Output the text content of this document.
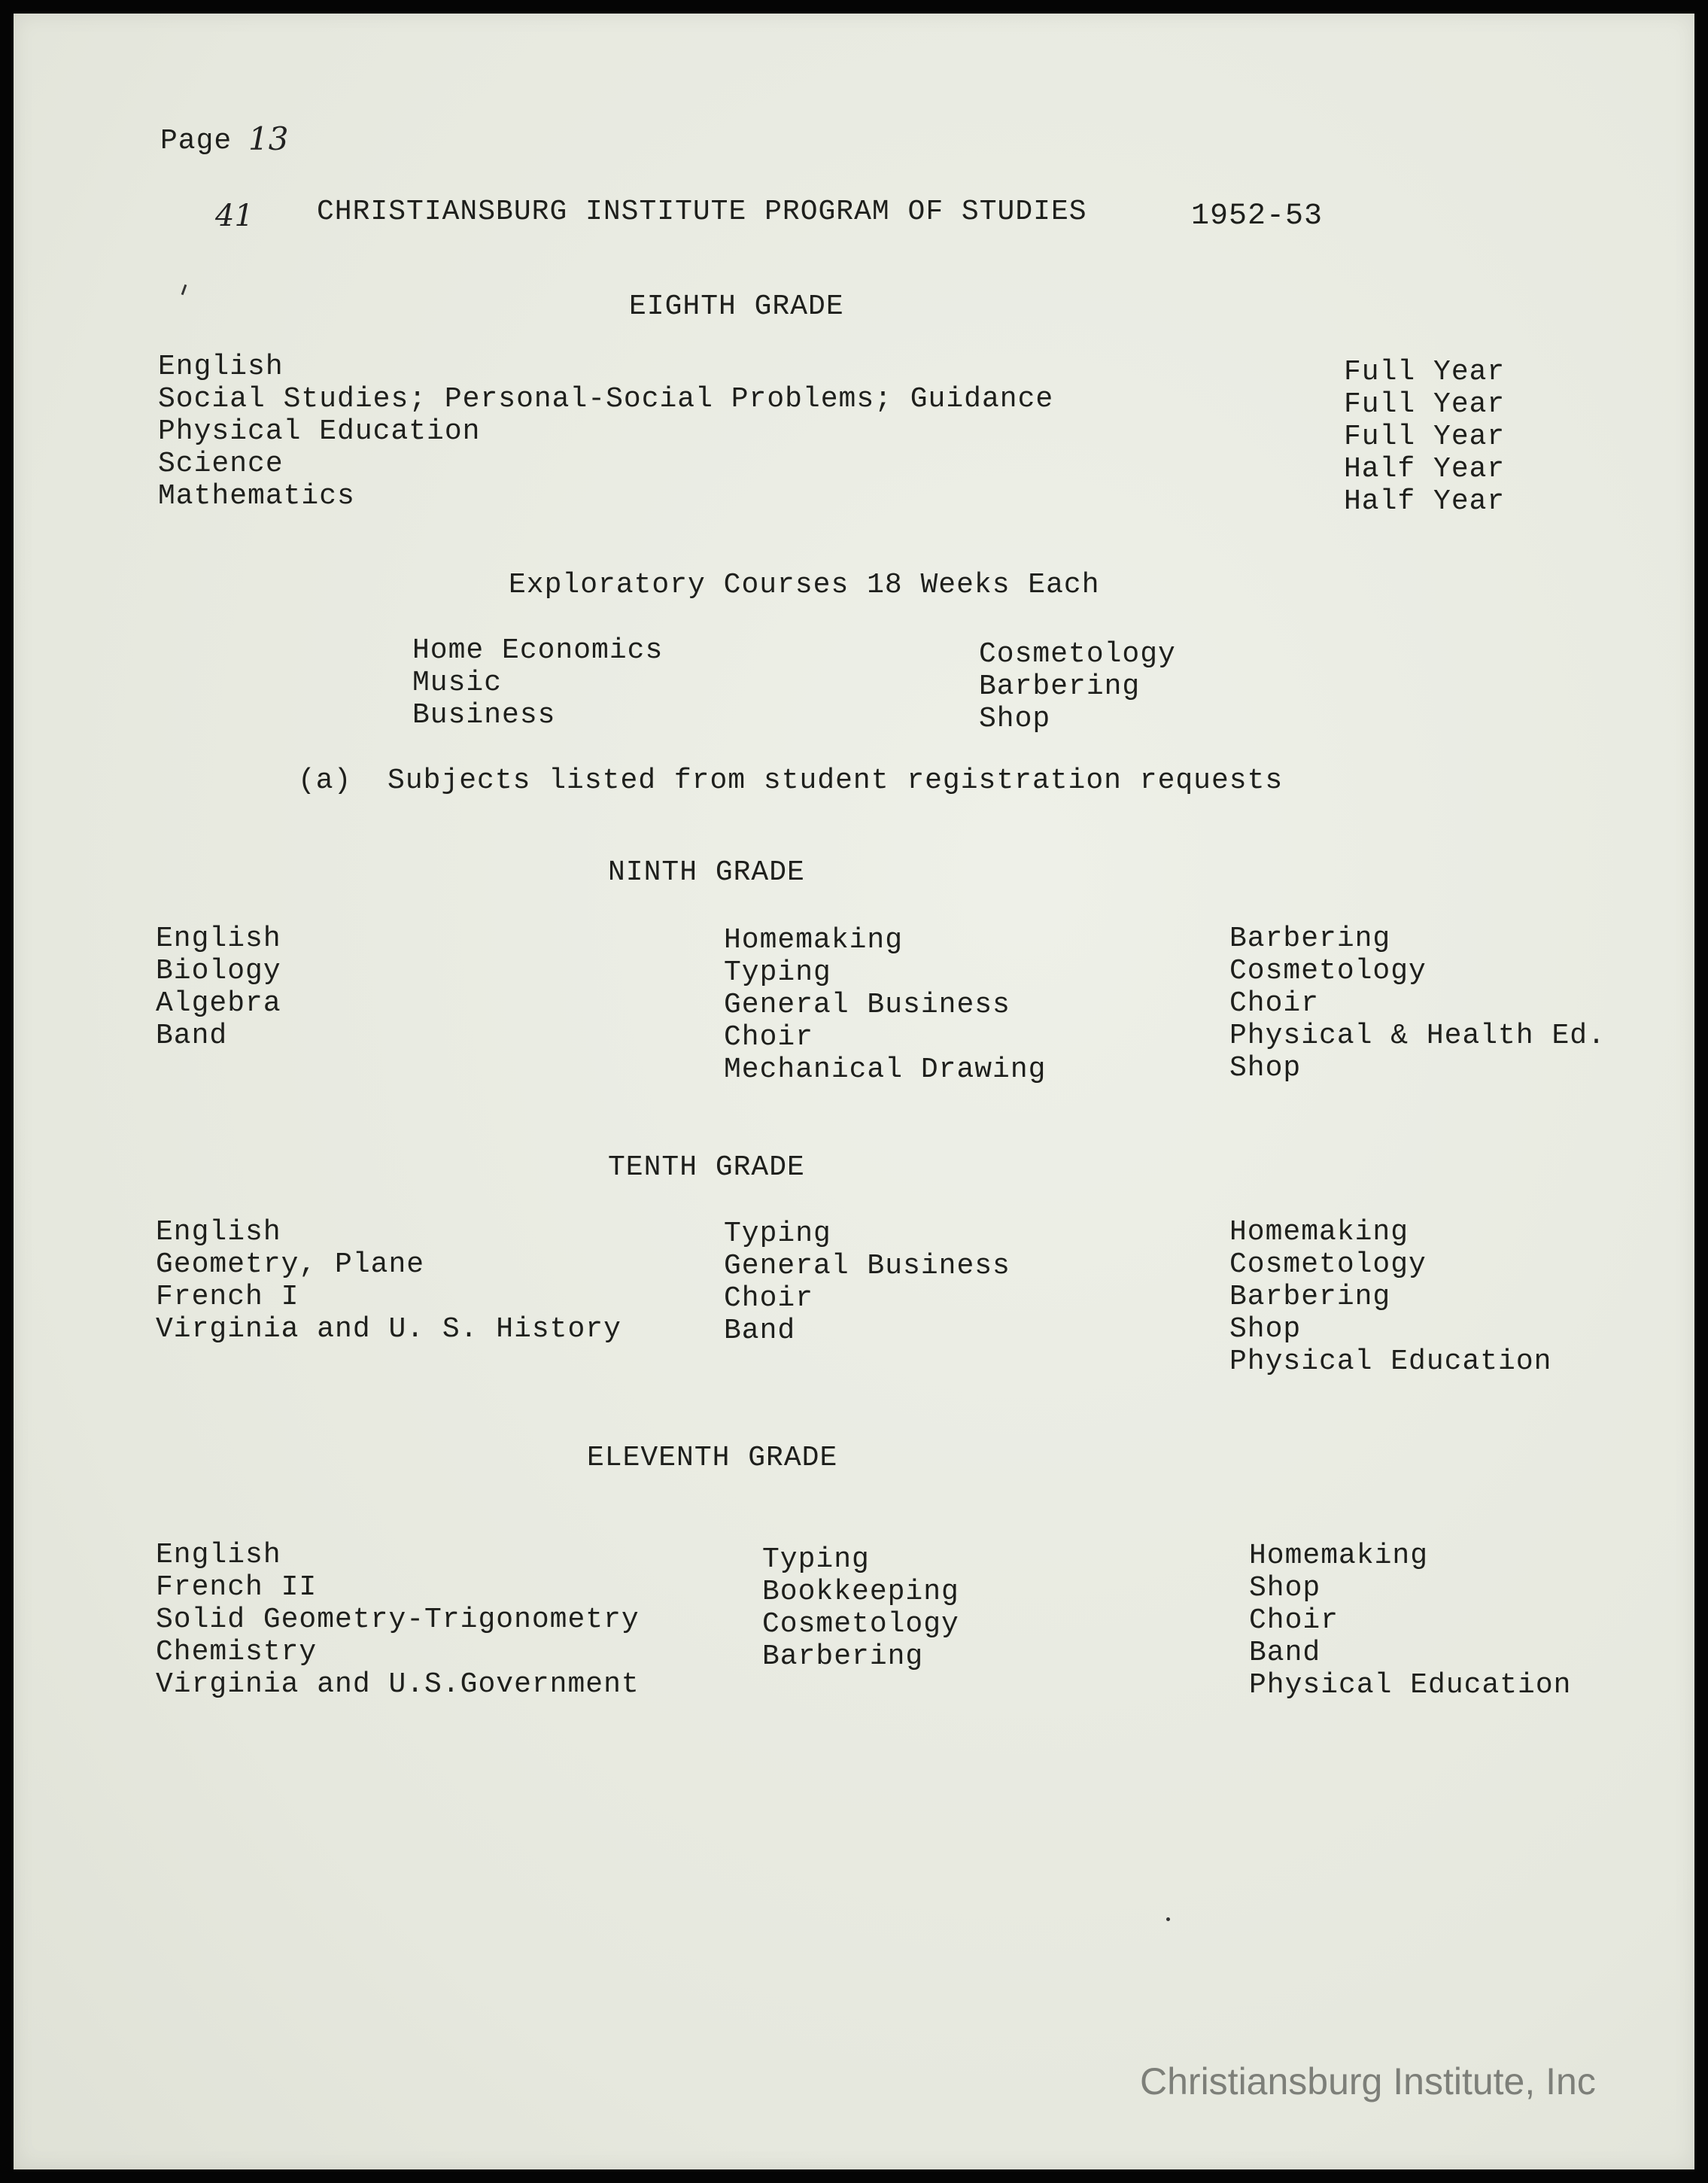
Page 13
41 CHRISTIANSBURG INSTITUTE PROGRAM OF STUDIES	1952-53
EIGHTH GRADE
English
Social Studies; Personal-Social Problems; Guidance
Physical Education
Science
Mathematics
Full Year
Full Year
Full Year
Half Year
Half Year
Exploratory Courses 18 Weeks Each
Home Economics
Music
Business
Cosmetology
Barbering
Shop
(a)  Subjects listed from student registration requests
NINTH GRADE
English
Biology
Algebra
Band
Homemaking
Typing
General Business
Choir
Mechanical Drawing
Barbering
Cosmetology
Choir
Physical & Health Ed.
Shop
TENTH GRADE
English
Geometry, Plane
French I
Virginia and U. S. History
Typing
General Business
Choir
Band
Homemaking
Cosmetology
Barbering
Shop
Physical Education
ELEVENTH GRADE
English
French II
Solid Geometry-Trigonometry
Chemistry
Virginia and U.S.Government
Typing
Bookkeeping
Cosmetology
Barbering
Homemaking
Shop
Choir
Band
Physical Education
Christiansburg Institute, Inc
